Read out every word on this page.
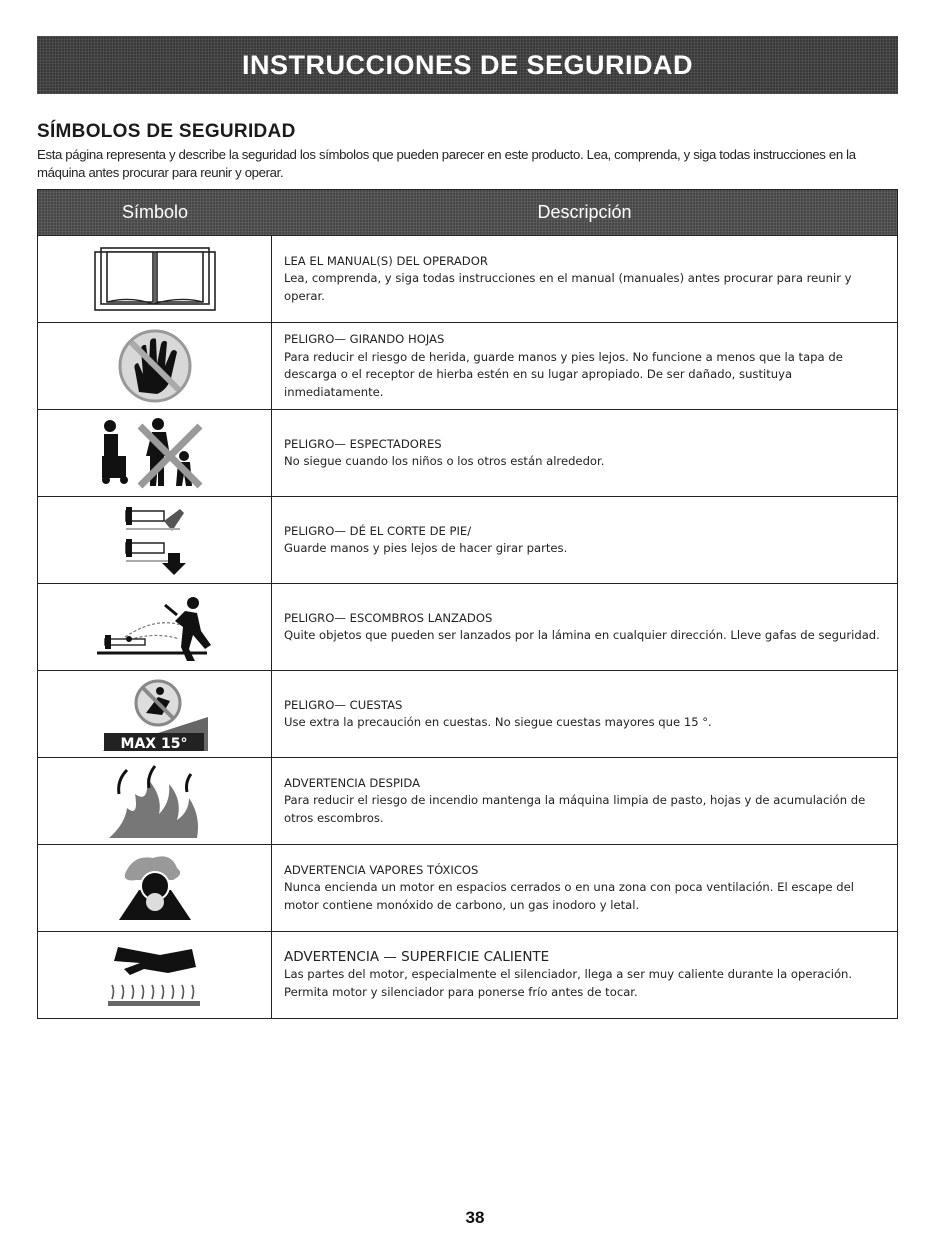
INSTRUCCIONES DE SEGURIDAD
SÍMBOLOS DE SEGURIDAD
Esta página representa y describe la seguridad los símbolos que pueden parecer en este producto. Lea, comprenda, y siga todas instrucciones en la máquina antes procurar para reunir y operar.
Símbolo	Descripción
LEA EL MANUAL(S) DEL OPERADOR
Lea, comprenda, y siga todas instrucciones en el manual (manuales) antes procurar para reunir y operar.
PELIGRO— GIRANDO HOJAS
Para reducir el riesgo de herida, guarde manos y pies lejos. No funcione a menos que la tapa de descarga o el receptor de hierba estén en su lugar apropiado. De ser dañado, sustituya inmediatamente.
PELIGRO— ESPECTADORES
No siegue cuando los niños o los otros están alrededor.
PELIGRO— DÉ EL CORTE DE PIE/
Guarde manos y pies lejos de hacer girar partes.
PELIGRO— ESCOMBROS LANZADOS
Quite objetos que pueden ser lanzados por la lámina en cualquier dirección. Lleve gafas de seguridad.
MAX 15°
PELIGRO— CUESTAS
Use extra la precaución en cuestas. No siegue cuestas mayores que 15 °.
ADVERTENCIA DESPIDA
Para reducir el riesgo de incendio mantenga la máquina limpia de pasto, hojas y de acumulación de otros escombros.
ADVERTENCIA VAPORES TÓXICOS
Nunca encienda un motor en espacios cerrados o en una zona con poca ventilación. El escape del motor contiene monóxido de carbono, un gas inodoro y letal.
ADVERTENCIA — SUPERFICIE CALIENTE
Las partes del motor, especialmente el silenciador, llega a ser muy caliente durante la operación. Permita motor y silenciador para ponerse frío antes de tocar.
38
